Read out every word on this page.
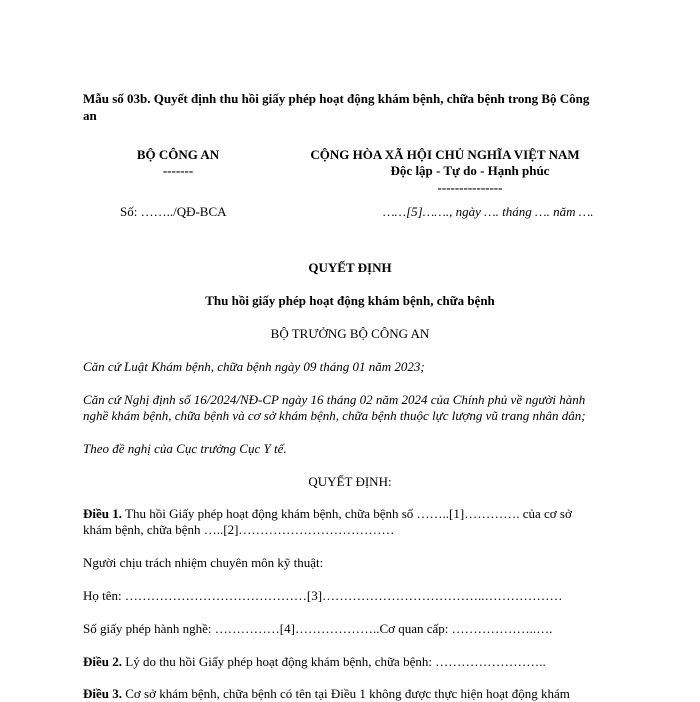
Mẫu số 03b. Quyết định thu hồi giấy phép hoạt động khám bệnh, chữa bệnh trong Bộ Công
an
BỘ CÔNG AN
-------
CỘNG HÒA XÃ HỘI CHỦ NGHĨA VIỆT NAM
Độc lập - Tự do - Hạnh phúc
---------------
Số: ……../QĐ-BCA	……[5]……., ngày …. tháng …. năm ….
QUYẾT ĐỊNH
Thu hồi giấy phép hoạt động khám bệnh, chữa bệnh
BỘ TRƯỞNG BỘ CÔNG AN
Căn cứ Luật Khám bệnh, chữa bệnh ngày 09 tháng 01 năm 2023;
Căn cứ Nghị định số 16/2024/NĐ-CP ngày 16 tháng 02 năm 2024 của Chính phủ về người hành
nghề khám bệnh, chữa bệnh và cơ sở khám bệnh, chữa bệnh thuộc lực lượng vũ trang nhân dân;
Theo đề nghị của Cục trưởng Cục Y tế.
QUYẾT ĐỊNH:
Điều 1. Thu hồi Giấy phép hoạt động khám bệnh, chữa bệnh số ……..[1]…………. của cơ sở
khám bệnh, chữa bệnh …..[2]………………………………
Người chịu trách nhiệm chuyên môn kỹ thuật:
Họ tên: ……………………………………[3]………………………………..………………
Số giấy phép hành nghề: ……………[4]………………..Cơ quan cấp: ………………..….
Điều 2. Lý do thu hồi Giấy phép hoạt động khám bệnh, chữa bệnh: ……………………..
Điều 3. Cơ sở khám bệnh, chữa bệnh có tên tại Điều 1 không được thực hiện hoạt động khám
